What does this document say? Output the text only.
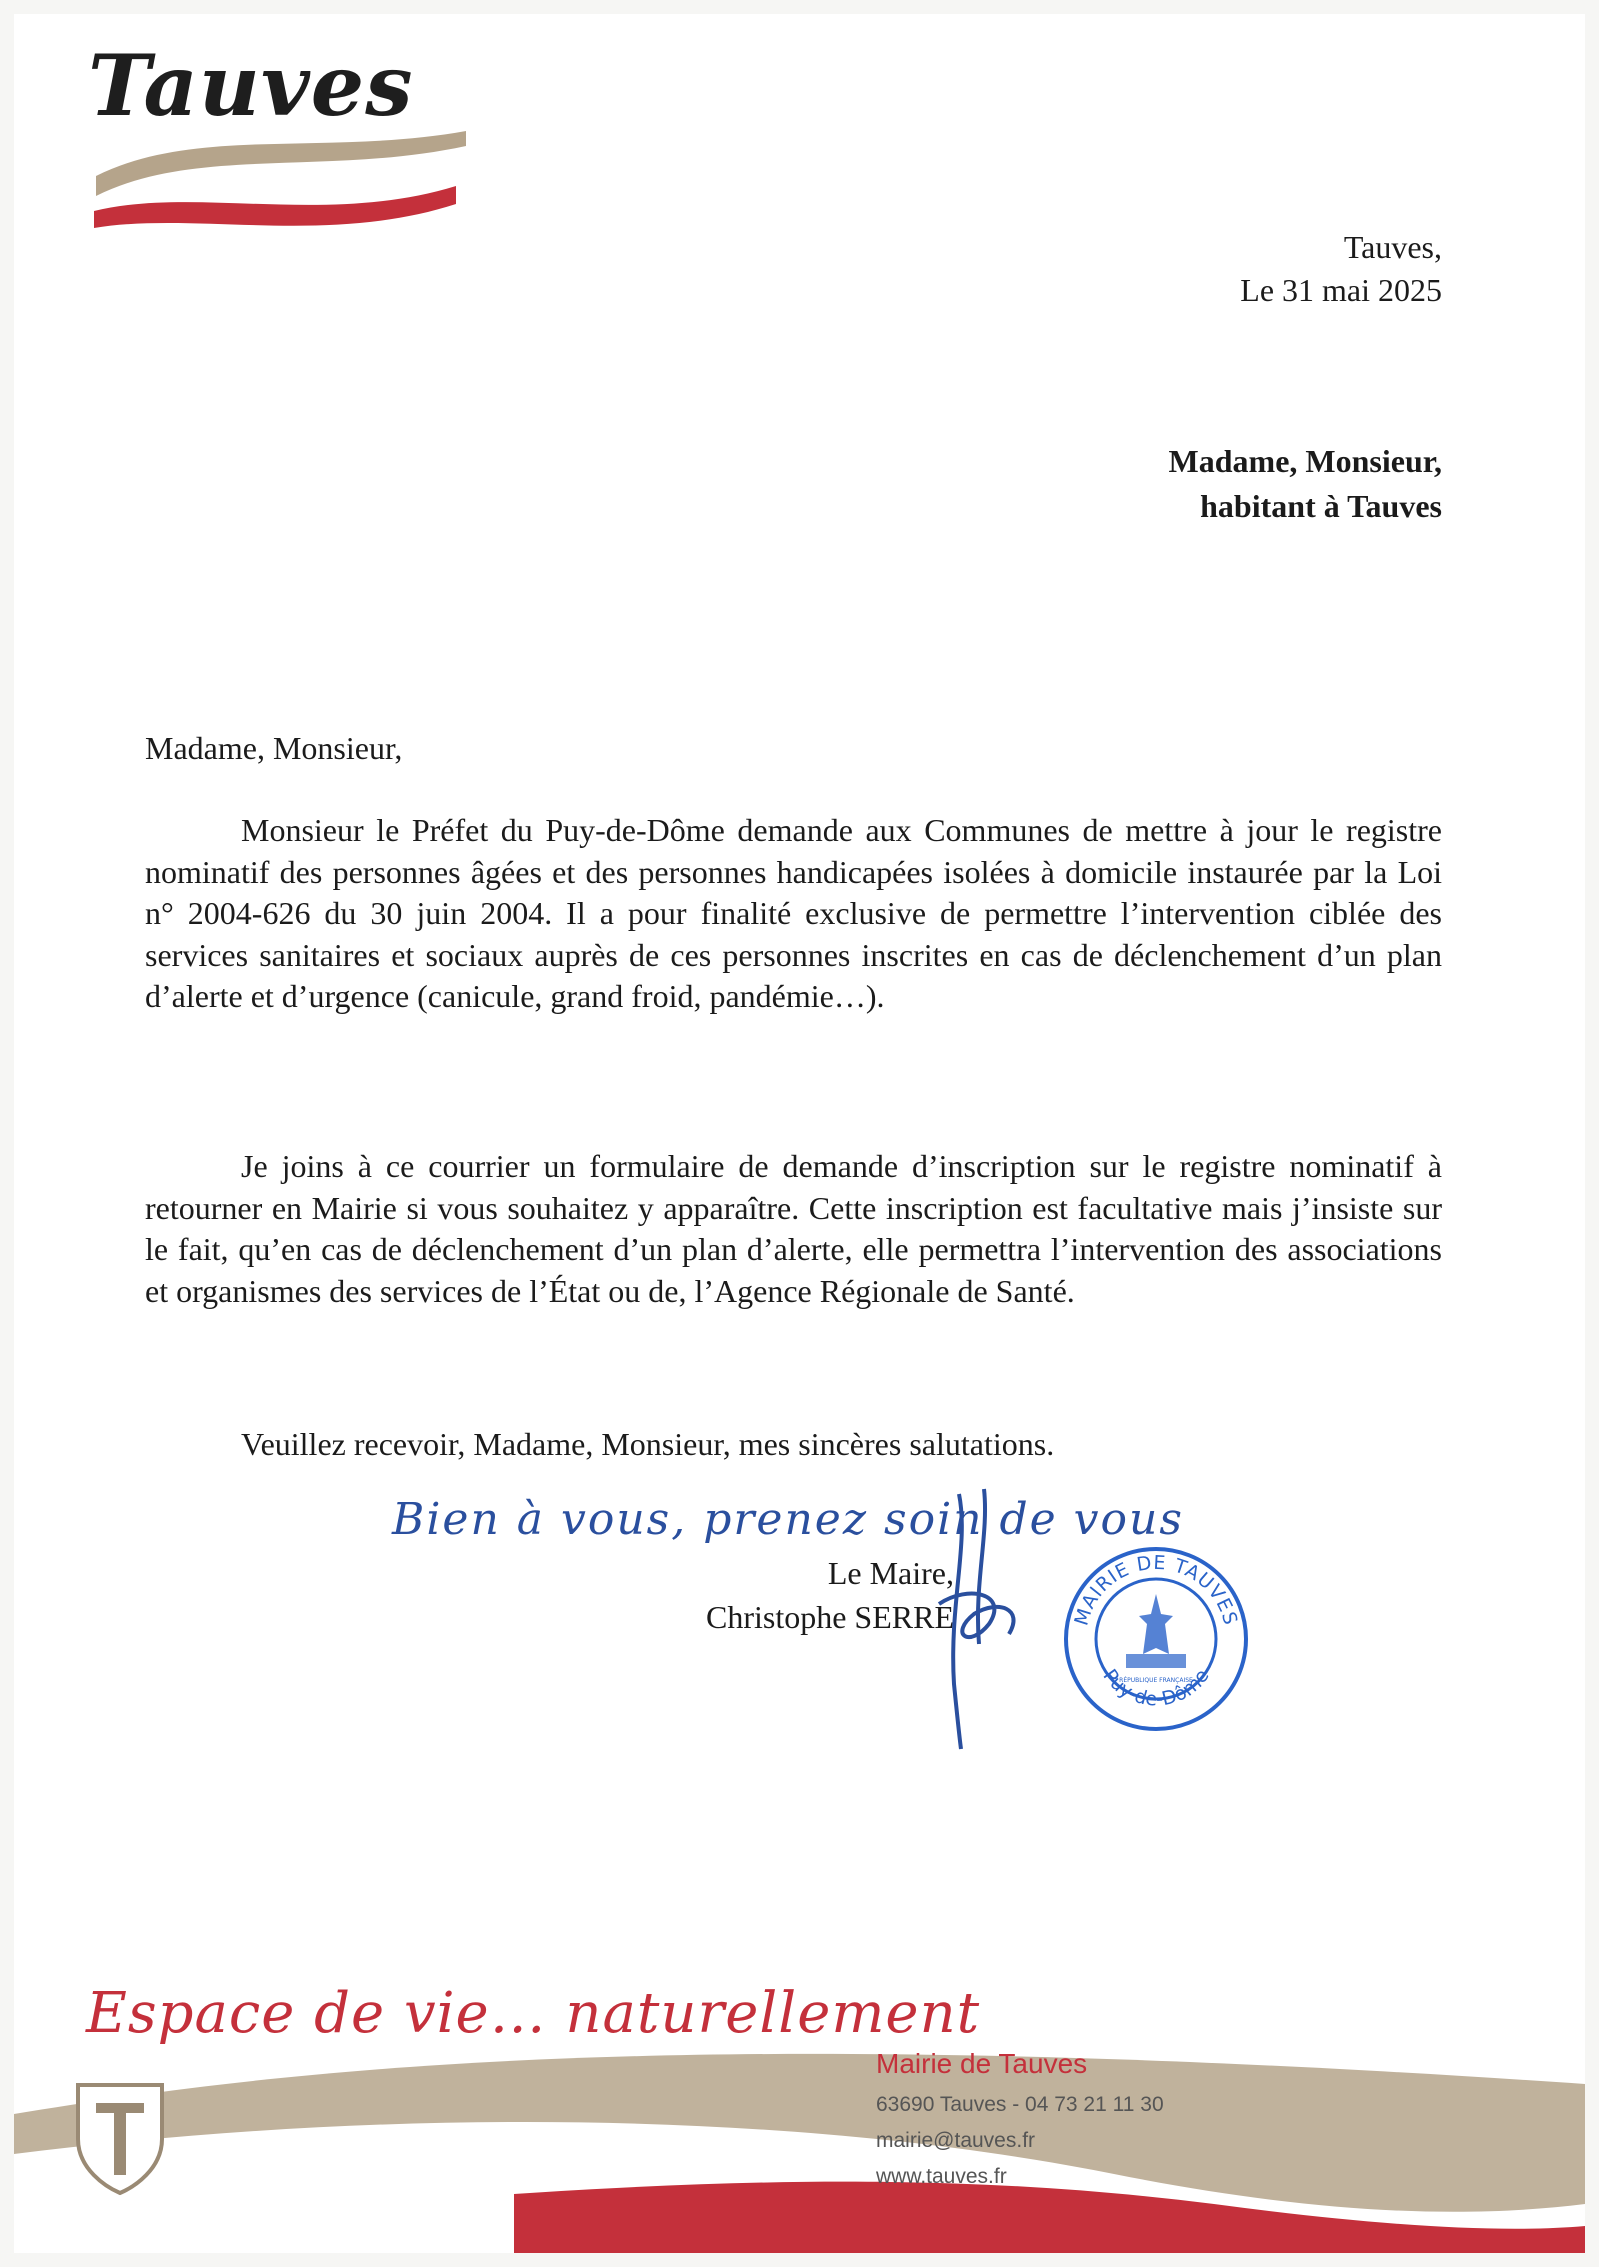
Tauves
Tauves,
Le 31 mai 2025
Madame, Monsieur,
habitant à Tauves
Madame, Monsieur,

Monsieur le Préfet du Puy-de-Dôme demande aux Communes de mettre à jour le registre nominatif des personnes âgées et des personnes handicapées isolées à domicile instaurée par la Loi n° 2004-626 du 30 juin 2004. Il a pour finalité exclusive de permettre l’intervention ciblée des services sanitaires et sociaux auprès de ces personnes inscrites en cas de déclenchement d’un plan d’alerte et d’urgence (canicule, grand froid, pandémie…).

Je joins à ce courrier un formulaire de demande d’inscription sur le registre nominatif à retourner en Mairie si vous souhaitez y apparaître. Cette inscription est facultative mais j’insiste sur le fait, qu’en cas de déclenchement d’un plan d’alerte, elle permettra l’intervention des associations et organismes des services de l’État ou de, l’Agence Régionale de Santé.

Veuillez recevoir, Madame, Monsieur, mes sincères salutations.
Bien à vous, prenez soin de vous
Le Maire,
Christophe SERRE	MAIRIE DE TAUVES
Puy-de-Dôme
RÉPUBLIQUE FRANÇAISE
Espace de vie… naturellement
Mairie de Tauves
63690 Tauves - 04 73 21 11 30
mairie@tauves.fr
www.tauves.fr
